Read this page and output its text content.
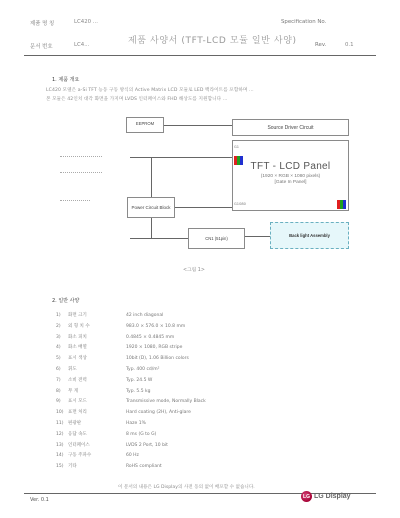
제품 명 칭	LC420 ...	Specification No.
문서 번호	LC4...	Rev.	0.1
제품 사양서 (TFT-LCD 모듈 일반 사양)
1. 제품 개요
LC420 모델은 a-Si TFT 능동 구동 방식의 Active Matrix LCD 모듈로 LED 백라이트를 포함하며 ...
본 모듈은 42인치 대각 화면을 가지며 LVDS 인터페이스와 FHD 해상도를 지원합니다 ...
EEPROM
Source Driver Circuit
TFT - LCD Panel
(1920 × RGB × 1080 pixels)
[Gate In Panel]
G1
G1080
Power Circuit Block
CN1 (51pin)
Back light Assembly
<그림 1>
2. 일반 사양
1) 화면 크기	42 inch diagonal
2) 외 형 치 수	983.0 × 576.0 × 10.8 mm
3) 화소 피치	0.4845 × 0.4845 mm
4) 화소 배열	1920 × 1080, RGB stripe
5) 표시 색상	10bit (D), 1.06 Billion colors
6) 휘도	Typ. 400 cd/m²
7) 소비 전력	Typ. 24.5 W
8) 무 게	Typ. 5.5 kg
9) 표시 모드	Transmissive mode, Normally Black
10) 표면 처리	Hard coating (2H), Anti-glare
11) 편광판	Haze 1%
12) 응답 속도	8 ms (G to G)
13) 인터페이스	LVDS 2 Port, 10 bit
14) 구동 주파수	60 Hz
15) 기타	RoHS compliant
이 문서의 내용은 LG Display의 사전 동의 없이 배포할 수 없습니다.
Ver. 0.1
LG LG Display
